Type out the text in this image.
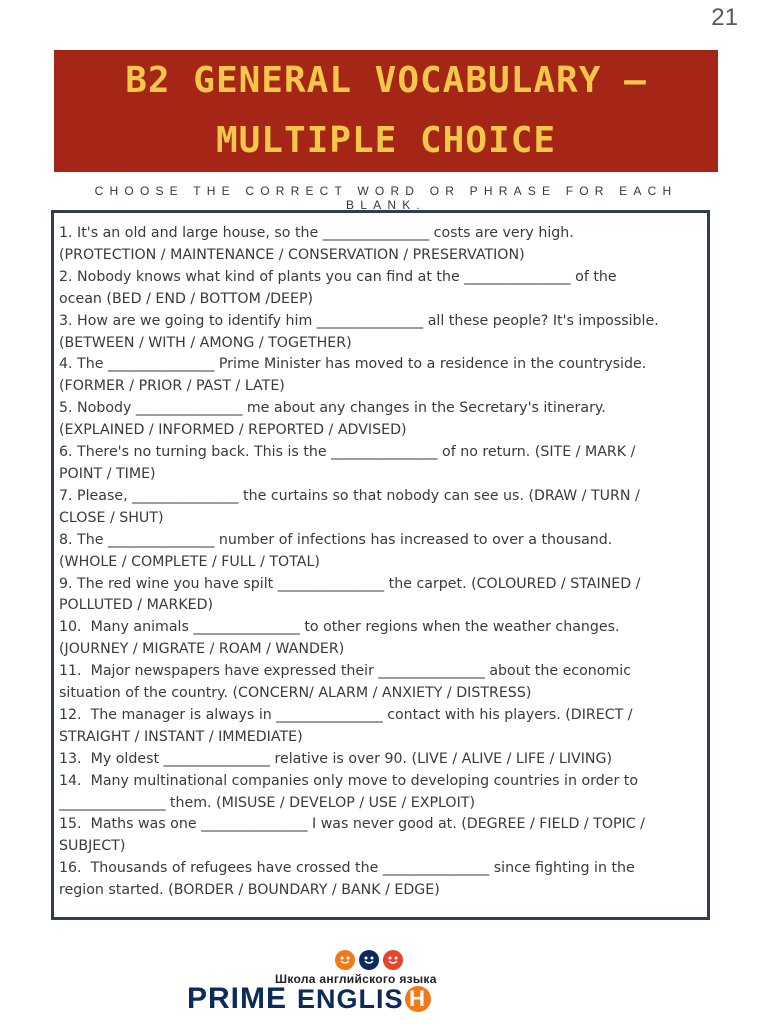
21
B2 GENERAL VOCABULARY –
MULTIPLE CHOICE
CHOOSE THE CORRECT WORD OR PHRASE FOR EACH BLANK.
1. It's an old and large house, so the _______________ costs are very high.
(PROTECTION / MAINTENANCE / CONSERVATION / PRESERVATION)
2. Nobody knows what kind of plants you can find at the _______________ of the
ocean (BED / END / BOTTOM /DEEP)
3. How are we going to identify him _______________ all these people? It's impossible.
(BETWEEN / WITH / AMONG / TOGETHER)
4. The _______________ Prime Minister has moved to a residence in the countryside.
(FORMER / PRIOR / PAST / LATE)
5. Nobody _______________ me about any changes in the Secretary's itinerary.
(EXPLAINED / INFORMED / REPORTED / ADVISED)
6. There's no turning back. This is the _______________ of no return. (SITE / MARK /
POINT / TIME)
7. Please, _______________ the curtains so that nobody can see us. (DRAW / TURN /
CLOSE / SHUT)
8. The _______________ number of infections has increased to over a thousand.
(WHOLE / COMPLETE / FULL / TOTAL)
9. The red wine you have spilt _______________ the carpet. (COLOURED / STAINED /
POLLUTED / MARKED)
10.  Many animals _______________ to other regions when the weather changes.
(JOURNEY / MIGRATE / ROAM / WANDER)
11.  Major newspapers have expressed their _______________ about the economic
situation of the country. (CONCERN/ ALARM / ANXIETY / DISTRESS)
12.  The manager is always in _______________ contact with his players. (DIRECT /
STRAIGHT / INSTANT / IMMEDIATE)
13.  My oldest _______________ relative is over 90. (LIVE / ALIVE / LIFE / LIVING)
14.  Many multinational companies only move to developing countries in order to
_______________ them. (MISUSE / DEVELOP / USE / EXPLOIT)
15.  Maths was one _______________ I was never good at. (DEGREE / FIELD / TOPIC /
SUBJECT)
16.  Thousands of refugees have crossed the _______________ since fighting in the
region started. (BORDER / BOUNDARY / BANK / EDGE)
Школа английского языка
PRIME ENGLIS H
